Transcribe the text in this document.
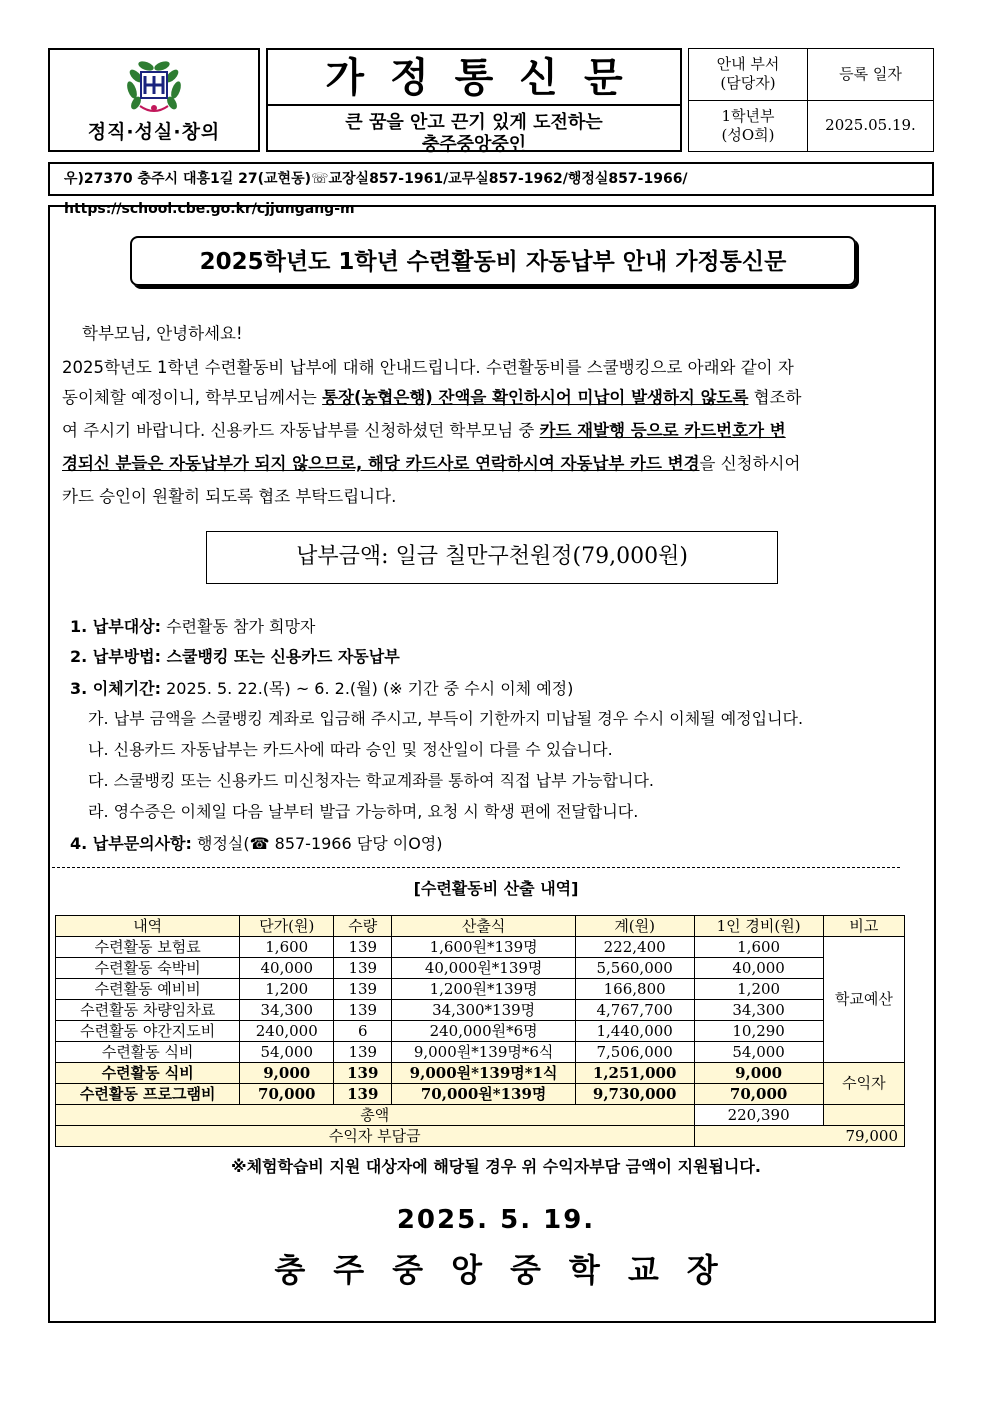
정직·성실·창의
가정통신문
큰 꿈을 안고 끈기 있게 도전하는
충주중앙중인
안내 부서
(담당자)	등록 일자
1학년부
(성O희)	2025.05.19.
우)27370 충주시 대흥1길 27(교현동)☏교장실857-1961/교무실857-1962/행정실857-1966/ https://school.cbe.go.kr/cjjungang-m
2025학년도 1학년 수련활동비 자동납부 안내 가정통신문
학부모님, 안녕하세요!
2025학년도 1학년 수련활동비 납부에 대해 안내드립니다. 수련활동비를 스쿨뱅킹으로 아래와 같이 자
동이체할 예정이니, 학부모님께서는 통장(농협은행) 잔액을 확인하시어 미납이 발생하지 않도록 협조하
여 주시기 바랍니다. 신용카드 자동납부를 신청하셨던 학부모님 중 카드 재발행 등으로 카드번호가 변
경되신 분들은 자동납부가 되지 않으므로, 해당 카드사로 연락하시여 자동납부 카드 변경을 신청하시어
카드 승인이 원활히 되도록 협조 부탁드립니다.
납부금액: 일금 칠만구천원정(79,000원)
1. 납부대상: 수련활동 참가 희망자
2. 납부방법: 스쿨뱅킹 또는 신용카드 자동납부
3. 이체기간: 2025. 5. 22.(목) ~ 6. 2.(월) (※ 기간 중 수시 이체 예정)
가. 납부 금액을 스쿨뱅킹 계좌로 입금해 주시고, 부득이 기한까지 미납될 경우 수시 이체될 예정입니다.
나. 신용카드 자동납부는 카드사에 따라 승인 및 정산일이 다를 수 있습니다.
다. 스쿨뱅킹 또는 신용카드 미신청자는 학교계좌를 통하여 직접 납부 가능합니다.
라. 영수증은 이체일 다음 날부터 발급 가능하며, 요청 시 학생 편에 전달합니다.
4. 납부문의사항: 행정실(☎ 857-1966 담당 이O영)
[수련활동비 산출 내역]
내역	단가(원)	수량	산출식	계(원)	1인 경비(원)	비고
수련활동 보험료	1,600	139	1,600원*139명	222,400	1,600	학교예산
수련활동 숙박비	40,000	139	40,000원*139명	5,560,000	40,000	
수련활동 예비비	1,200	139	1,200원*139명	166,800	1,200	
수련활동 차량임차료	34,300	139	34,300*139명	4,767,700	34,300	
수련활동 야간지도비	240,000	6	240,000원*6명	1,440,000	10,290	
수련활동 식비	54,000	139	9,000원*139명*6식	7,506,000	54,000	
수련활동 식비	9,000	139	9,000원*139명*1식	1,251,000	9,000	수익자
수련활동 프로그램비	70,000	139	70,000원*139명	9,730,000	70,000	
총액					220,390	
수익자 부담금					79,000	
※체험학습비 지원 대상자에 해당될 경우 위 수익자부담 금액이 지원됩니다.
2025. 5. 19.
충주중앙중학교장
